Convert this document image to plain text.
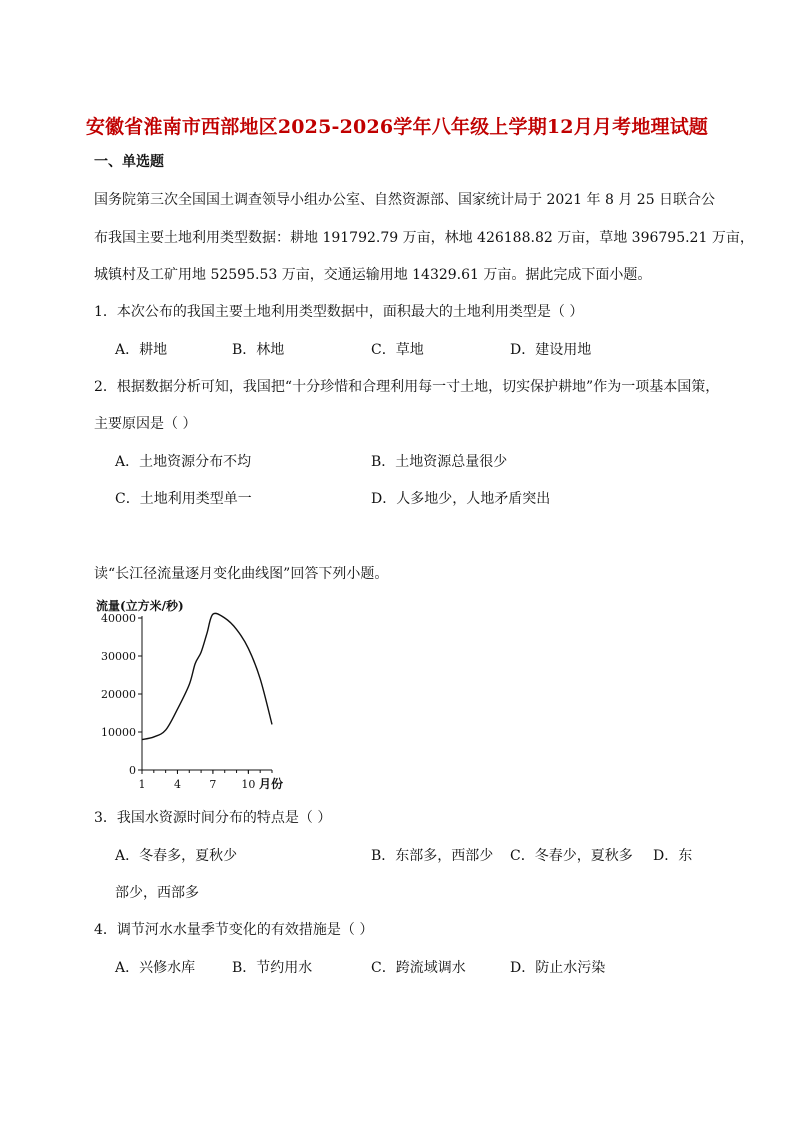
安徽省淮南市西部地区2025-2026学年八年级上学期12月月考地理试题
一、单选题
国务院第三次全国国土调查领导小组办公室、自然资源部、国家统计局于 2021 年 8 月 25 日联合公
布我国主要土地利用类型数据：耕地 191792.79 万亩，林地 426188.82 万亩，草地 396795.21 万亩，
城镇村及工矿用地 52595.53 万亩，交通运输用地 14329.61 万亩。据此完成下面小题。
1．本次公布的我国主要土地利用类型数据中，面积最大的土地利用类型是（ ）
A．耕地	B．林地	C．草地	D．建设用地
2．根据数据分析可知，我国把“十分珍惜和合理利用每一寸土地，切实保护耕地”作为一项基本国策，
主要原因是（ ）
A．土地资源分布不均	B．土地资源总量很少
C．土地利用类型单一	D．人多地少，人地矛盾突出
读“长江径流量逐月变化曲线图”回答下列小题。
流量(立方米/秒)
0
10000
20000
30000
40000
1	4	7 10 月份
3．我国水资源时间分布的特点是（ ）
A．冬春多，夏秋少	B．东部多，西部少 C．冬春少，夏秋多 D．东
部少，西部多
4．调节河水水量季节变化的有效措施是（ ）
A．兴修水库	B．节约用水	C．跨流域调水	D．防止水污染
